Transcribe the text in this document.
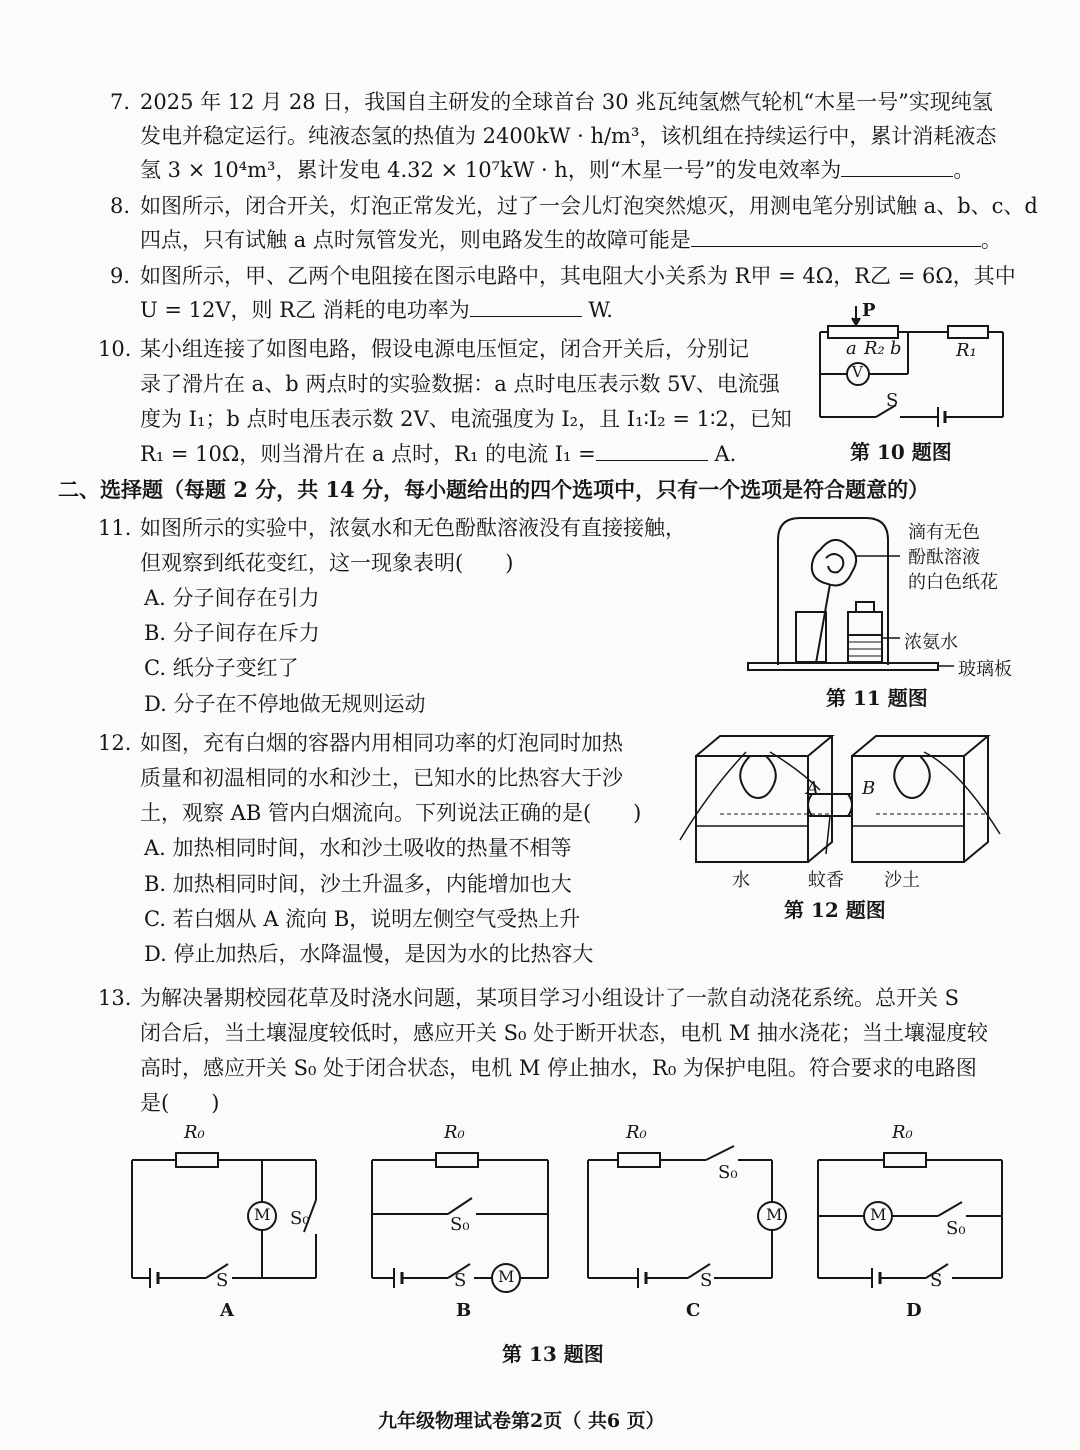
7. 2025 年 12 月 28 日，我国自主研发的全球首台 30 兆瓦纯氢燃气轮机“木星一号”实现纯氢
发电并稳定运行。纯液态氢的热值为 2400kW · h/m³，该机组在持续运行中，累计消耗液态
氢 3 × 10⁴m³，累计发电 4.32 × 10⁷kW · h，则“木星一号”的发电效率为	。
8. 如图所示，闭合开关，灯泡正常发光，过了一会儿灯泡突然熄灭，用测电笔分别试触 a、b、c、d
四点，只有试触 a 点时氖管发光，则电路发生的故障可能是	。
9. 如图所示，甲、乙两个电阻接在图示电路中，其电阻大小关系为 R甲 = 4Ω，R乙 = 6Ω，其中
U = 12V，则 R乙 消耗的电功率为	W.
10. 某小组连接了如图电路，假设电源电压恒定，闭合开关后，分别记
录了滑片在 a、b 两点时的实验数据：a 点时电压表示数 5V、电流强
度为 I₁；b 点时电压表示数 2V、电流强度为 I₂，且 I₁∶I₂ = 1∶2，已知
R₁ = 10Ω，则当滑片在 a 点时，R₁ 的电流 I₁ =	A.
P
a R₂ b	R₁
V
S
第 10 题图
二、选择题（每题 2 分，共 14 分，每小题给出的四个选项中，只有一个选项是符合题意的）
11. 如图所示的实验中，浓氨水和无色酚酞溶液没有直接接触，
但观察到纸花变红，这一现象表明(　　)
A. 分子间存在引力
B. 分子间存在斥力
C. 纸分子变红了
D. 分子在不停地做无规则运动
滴有无色
酚酞溶液
的白色纸花
浓氨水
玻璃板
第 11 题图
12. 如图，充有白烟的容器内用相同功率的灯泡同时加热
质量和初温相同的水和沙土，已知水的比热容大于沙
土，观察 AB 管内白烟流向。下列说法正确的是(　　)
A. 加热相同时间，水和沙土吸收的热量不相等
B. 加热相同时间，沙土升温多，内能增加也大
C. 若白烟从 A 流向 B，说明左侧空气受热上升
D. 停止加热后，水降温慢，是因为水的比热容大
A B
水	蚊香 沙土
第 12 题图
13. 为解决暑期校园花草及时浇水问题，某项目学习小组设计了一款自动浇花系统。总开关 S
闭合后，当土壤湿度较低时，感应开关 S₀ 处于断开状态，电机 M 抽水浇花；当土壤湿度较
高时，感应开关 S₀ 处于闭合状态，电机 M 停止抽水，R₀ 为保护电阻。符合要求的电路图
是(　　)
R₀
M S₀
S
A
R₀
S₀
M
S
B
R₀
S₀
M
S
C
R₀
M
S₀
S
D
第 13 题图
九年级物理试卷第2页（ 共6 页）
